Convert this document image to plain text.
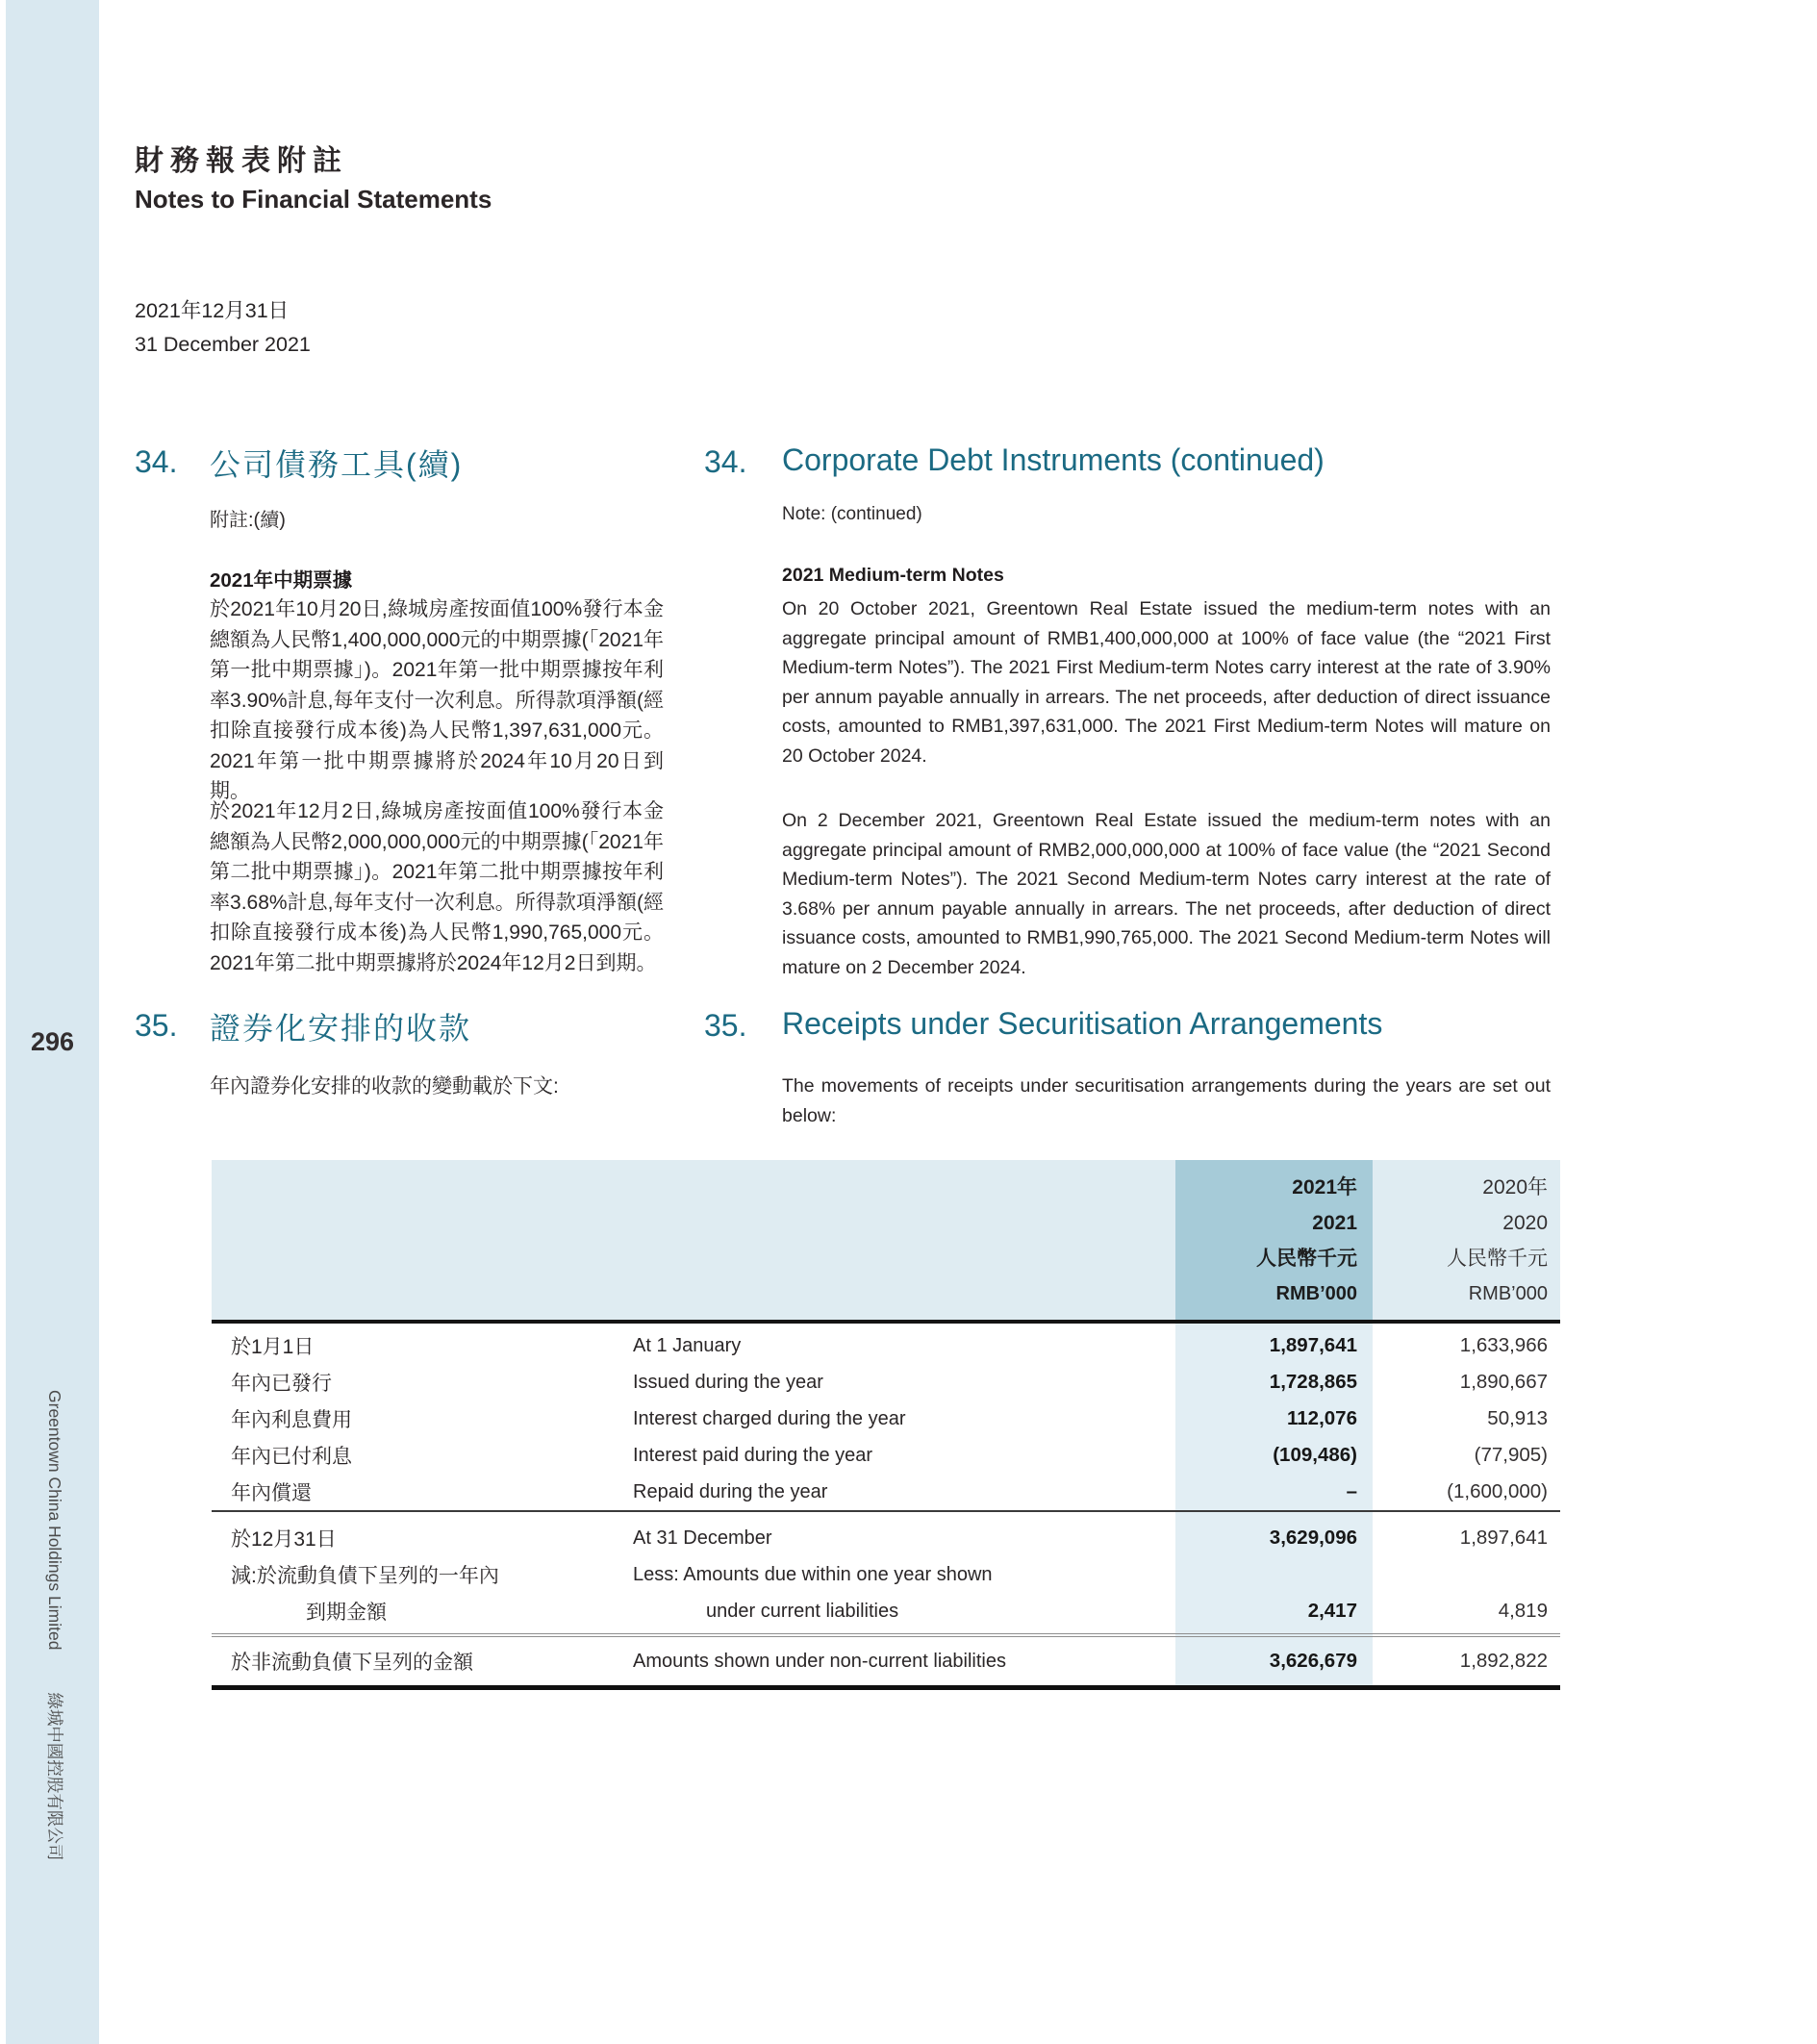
296
Greentown China Holdings Limited綠城中國控股有限公司
財務報表附註
Notes to Financial Statements
2021年12月31日
31 December 2021
34. 公司債務工具(續)
附註:(續)
2021年中期票據
於2021年10月20日,綠城房產按面值100%發行本金總額為人民幣1,400,000,000元的中期票據(「2021年第一批中期票據」)。2021年第一批中期票據按年利率3.90%計息,每年支付一次利息。所得款項淨額(經扣除直接發行成本後)為人民幣1,397,631,000元。2021年第一批中期票據將於2024年10月20日到期。
於2021年12月2日,綠城房產按面值100%發行本金總額為人民幣2,000,000,000元的中期票據(「2021年第二批中期票據」)。2021年第二批中期票據按年利率3.68%計息,每年支付一次利息。所得款項淨額(經扣除直接發行成本後)為人民幣1,990,765,000元。2021年第二批中期票據將於2024年12月2日到期。
34. Corporate Debt Instruments (continued)
Note: (continued)
2021 Medium-term Notes
On 20 October 2021, Greentown Real Estate issued the medium-term notes with an aggregate principal amount of RMB1,400,000,000 at 100% of face value (the “2021 First Medium-term Notes”). The 2021 First Medium-term Notes carry interest at the rate of 3.90% per annum payable annually in arrears. The net proceeds, after deduction of direct issuance costs, amounted to RMB1,397,631,000. The 2021 First Medium-term Notes will mature on 20 October 2024.
On 2 December 2021, Greentown Real Estate issued the medium-term notes with an aggregate principal amount of RMB2,000,000,000 at 100% of face value (the “2021 Second Medium-term Notes”). The 2021 Second Medium-term Notes carry interest at the rate of 3.68% per annum payable annually in arrears. The net proceeds, after deduction of direct issuance costs, amounted to RMB1,990,765,000. The 2021 Second Medium-term Notes will mature on 2 December 2024.
35. 證券化安排的收款
年內證券化安排的收款的變動載於下文:
35. Receipts under Securitisation Arrangements
The movements of receipts under securitisation arrangements during the years are set out below:
2021年	2020年
2021	2020
人民幣千元	人民幣千元
RMB’000	RMB’000
於1月1日	At 1 January	1,897,641	1,633,966
年內已發行	Issued during the year	1,728,865	1,890,667
年內利息費用	Interest charged during the year	112,076	50,913
年內已付利息	Interest paid during the year	(109,486)	(77,905)
年內償還	Repaid during the year	–	(1,600,000)
於12月31日	At 31 December	3,629,096	1,897,641
減:於流動負債下呈列的一年內	Less: Amounts due within one year shown
到期金額	under current liabilities	2,417	4,819
於非流動負債下呈列的金額	Amounts shown under non-current liabilities	3,626,679	1,892,822
